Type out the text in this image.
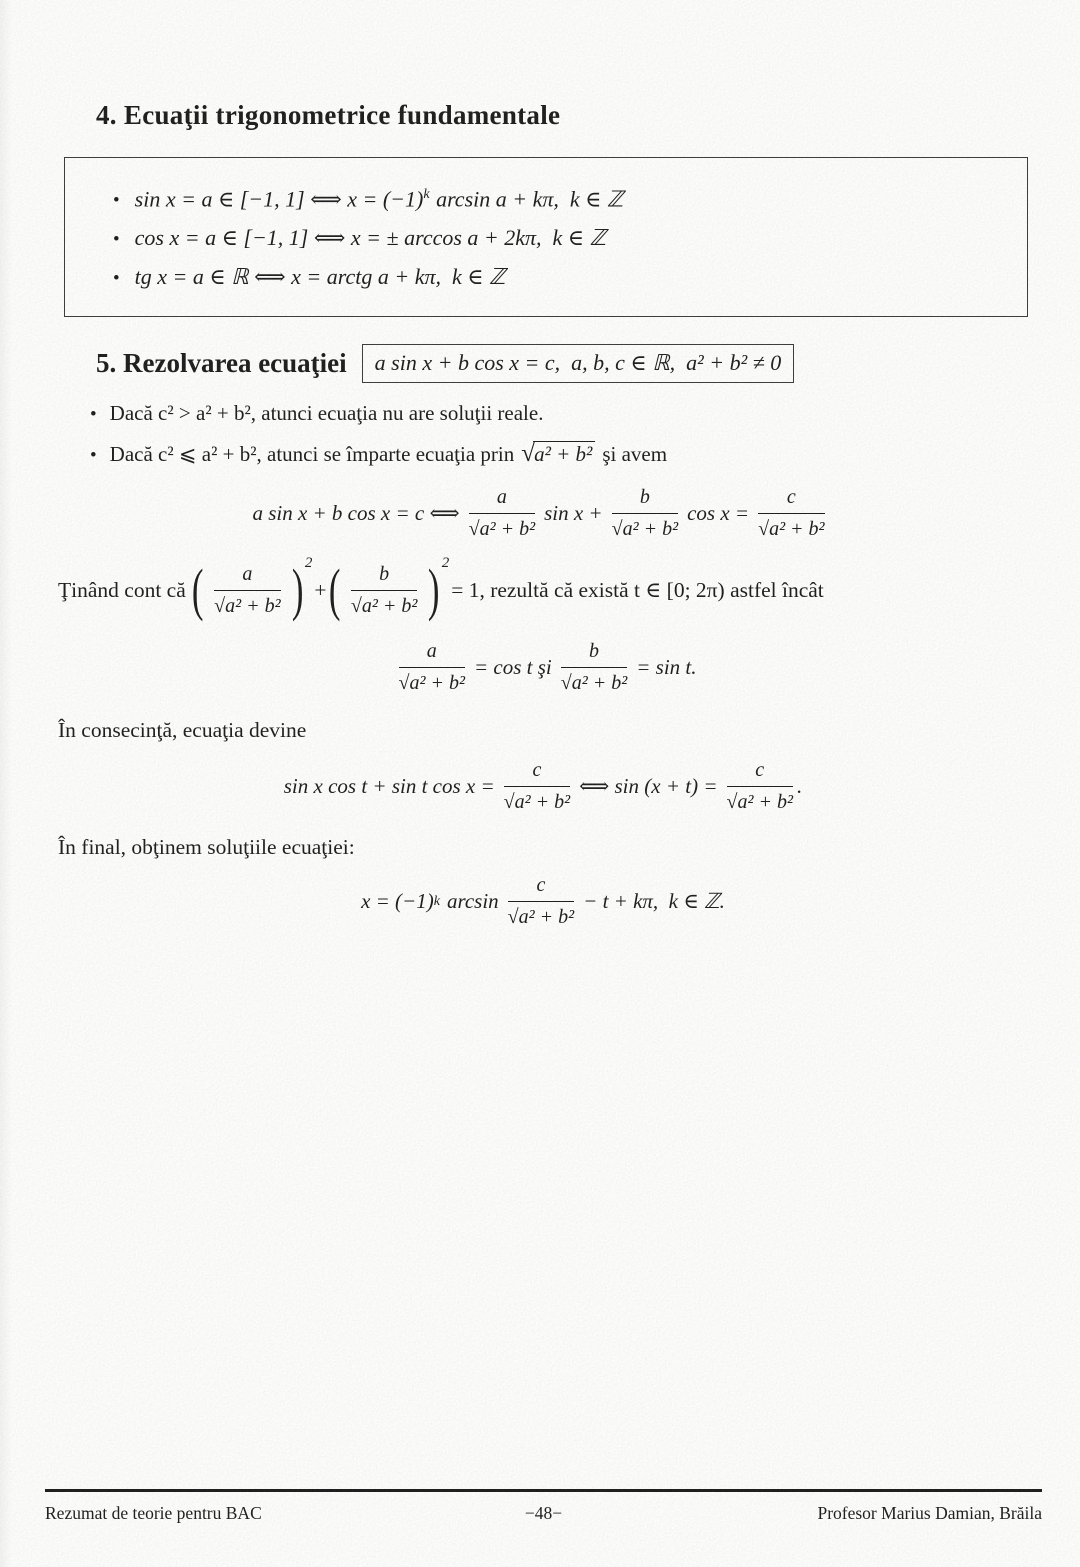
4. Ecuaţii trigonometrice fundamentale
• sin x = a ∈ [−1, 1] ⟺ $x = (-1)^k$ arcsin a + kπ, k ∈ ℤ
• cos x = a ∈ [−1, 1] ⟺ x = ± arccos a + 2kπ, k ∈ ℤ
• tg x = a ∈ ℝ ⟺ x = arctg a + kπ, k ∈ ℤ
5. Rezolvarea ecuaţiei	a sin x + b cos x = c, a, b, c ∈ ℝ, a² + b² ≠ 0
• Dacă c² > a² + b², atunci ecuaţia nu are soluţii reale.
• Dacă c² ⩽ a² + b², atunci se împarte ecuaţia prin √a² + b² şi avem
a sin x + b cos x = c ⟺ $\frac{a}{\text{√a² + b²}}$ $\sin x + \frac{b}{\text{√a² + b²}}$ $\cos x = \frac{c}{\text{√a² + b²}}$
Ţinând cont că ( $\frac{a}{\text{√a² + b²}} )^2$
+ ( $\frac{b}{\text{√a² + b²}} )^2$
= 1, rezultă că există t ∈ [0; 2π) astfel încât
$\frac{a}{\text{√a² + b²}} = \cos t$ şi $\frac{b}{\text{√a² + b²}} = \sin t$.

În consecinţă, ecuaţia devine

sin x cos t + sin t $\cos x = \frac{c}{\text{√a² + b²}}$ ⟺ $\sin (x + t) = \frac{c}{\text{√a² + b²}}$ .

În final, obţinem soluţiile ecuaţiei:

x = (−1) k $\arcsin \frac{c}{\text{√a² + b²}} - t + k\pi$, k ∈ ℤ.
Rezumat de teorie pentru BAC	−48−	Profesor Marius Damian, Brăila
